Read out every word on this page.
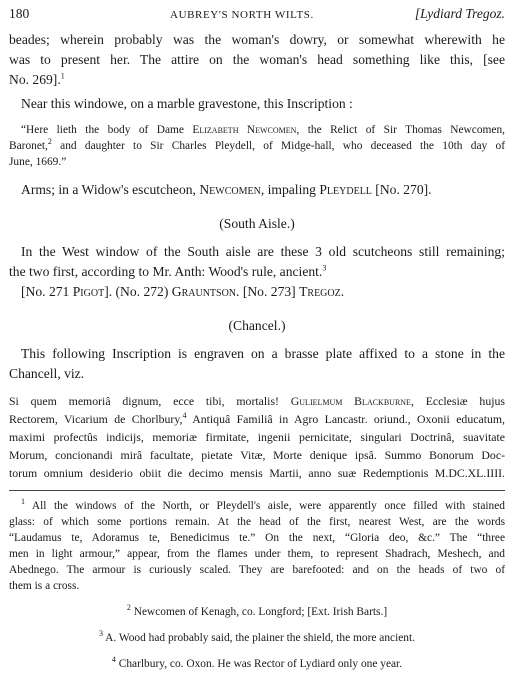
180	AUBREY'S NORTH WILTS.	[Lydiard Tregoz.

beades; wherein probably was the woman's dowry, or somewhat wherewith he
was to present her. The attire on the woman's head something like this, [see
No. 269].$^1$

Near this windowe, on a marble gravestone, this Inscription :

“Here lieth the body of Dame Elizabeth Newcomen, the Relict of Sir Thomas Newcomen,

Baronet,$^2$ and daughter to Sir Charles Pleydell, of Midge-hall, who deceased the 10th day of
June, 1669.”

Arms; in a Widow's escutcheon, Newcomen, impaling Pleydell [No. 270].

(South Aisle.)

In the West window of the South aisle are these 3 old scutcheons still remaining;

the two first, according to Mr. Anth: Wood's rule, ancient.$^3$

[No. 271 Pigot]. (No. 272) Grauntson. [No. 273] Tregoz.

(Chancel.)

This following Inscription is engraven on a brasse plate affixed to a stone in the

Chancell, viz.

Si quem memoriâ dignum, ecce tibi, mortalis! Gulielmum Blackburne, Ecclesiæ hujus
Rectorem, Vicarium de Chorlbury,$^4$ Antiquâ Familiâ in Agro Lancastr. oriund., Oxonii educatum,
maximi profectûs indicijs, memoriæ firmitate, ingenii pernicitate, singulari Doctrinâ, suavitate
Morum, concionandi mirâ facultate, pietate Vitæ, Morte denique ipsâ. Summo Bonorum Doc-
torum omnium desiderio obiit die decimo mensis Martii, anno suæ Redemptionis M.DC.XL.IIII.

$^1$ All the windows of the North, or Pleydell's aisle, were apparently once filled with stained

glass: of which some portions remain. At the head of the first, nearest West, are the words
“Laudamus te, Adoramus te, Benedicimus te.” On the next, “Gloria deo, &c.” The “three
men in light armour,” appear, from the flames under them, to represent Shadrach, Meshech, and
Abednego. The armour is curiously scaled. They are barefooted: and on the heads of two of
them is a cross.

$^2$ Newcomen of Kenagh, co. Longford; [Ext. Irish Barts.]

$^3$ A. Wood had probably said, the plainer the shield, the more ancient.

$^4$ Charlbury, co. Oxon. He was Rector of Lydiard only one year.
